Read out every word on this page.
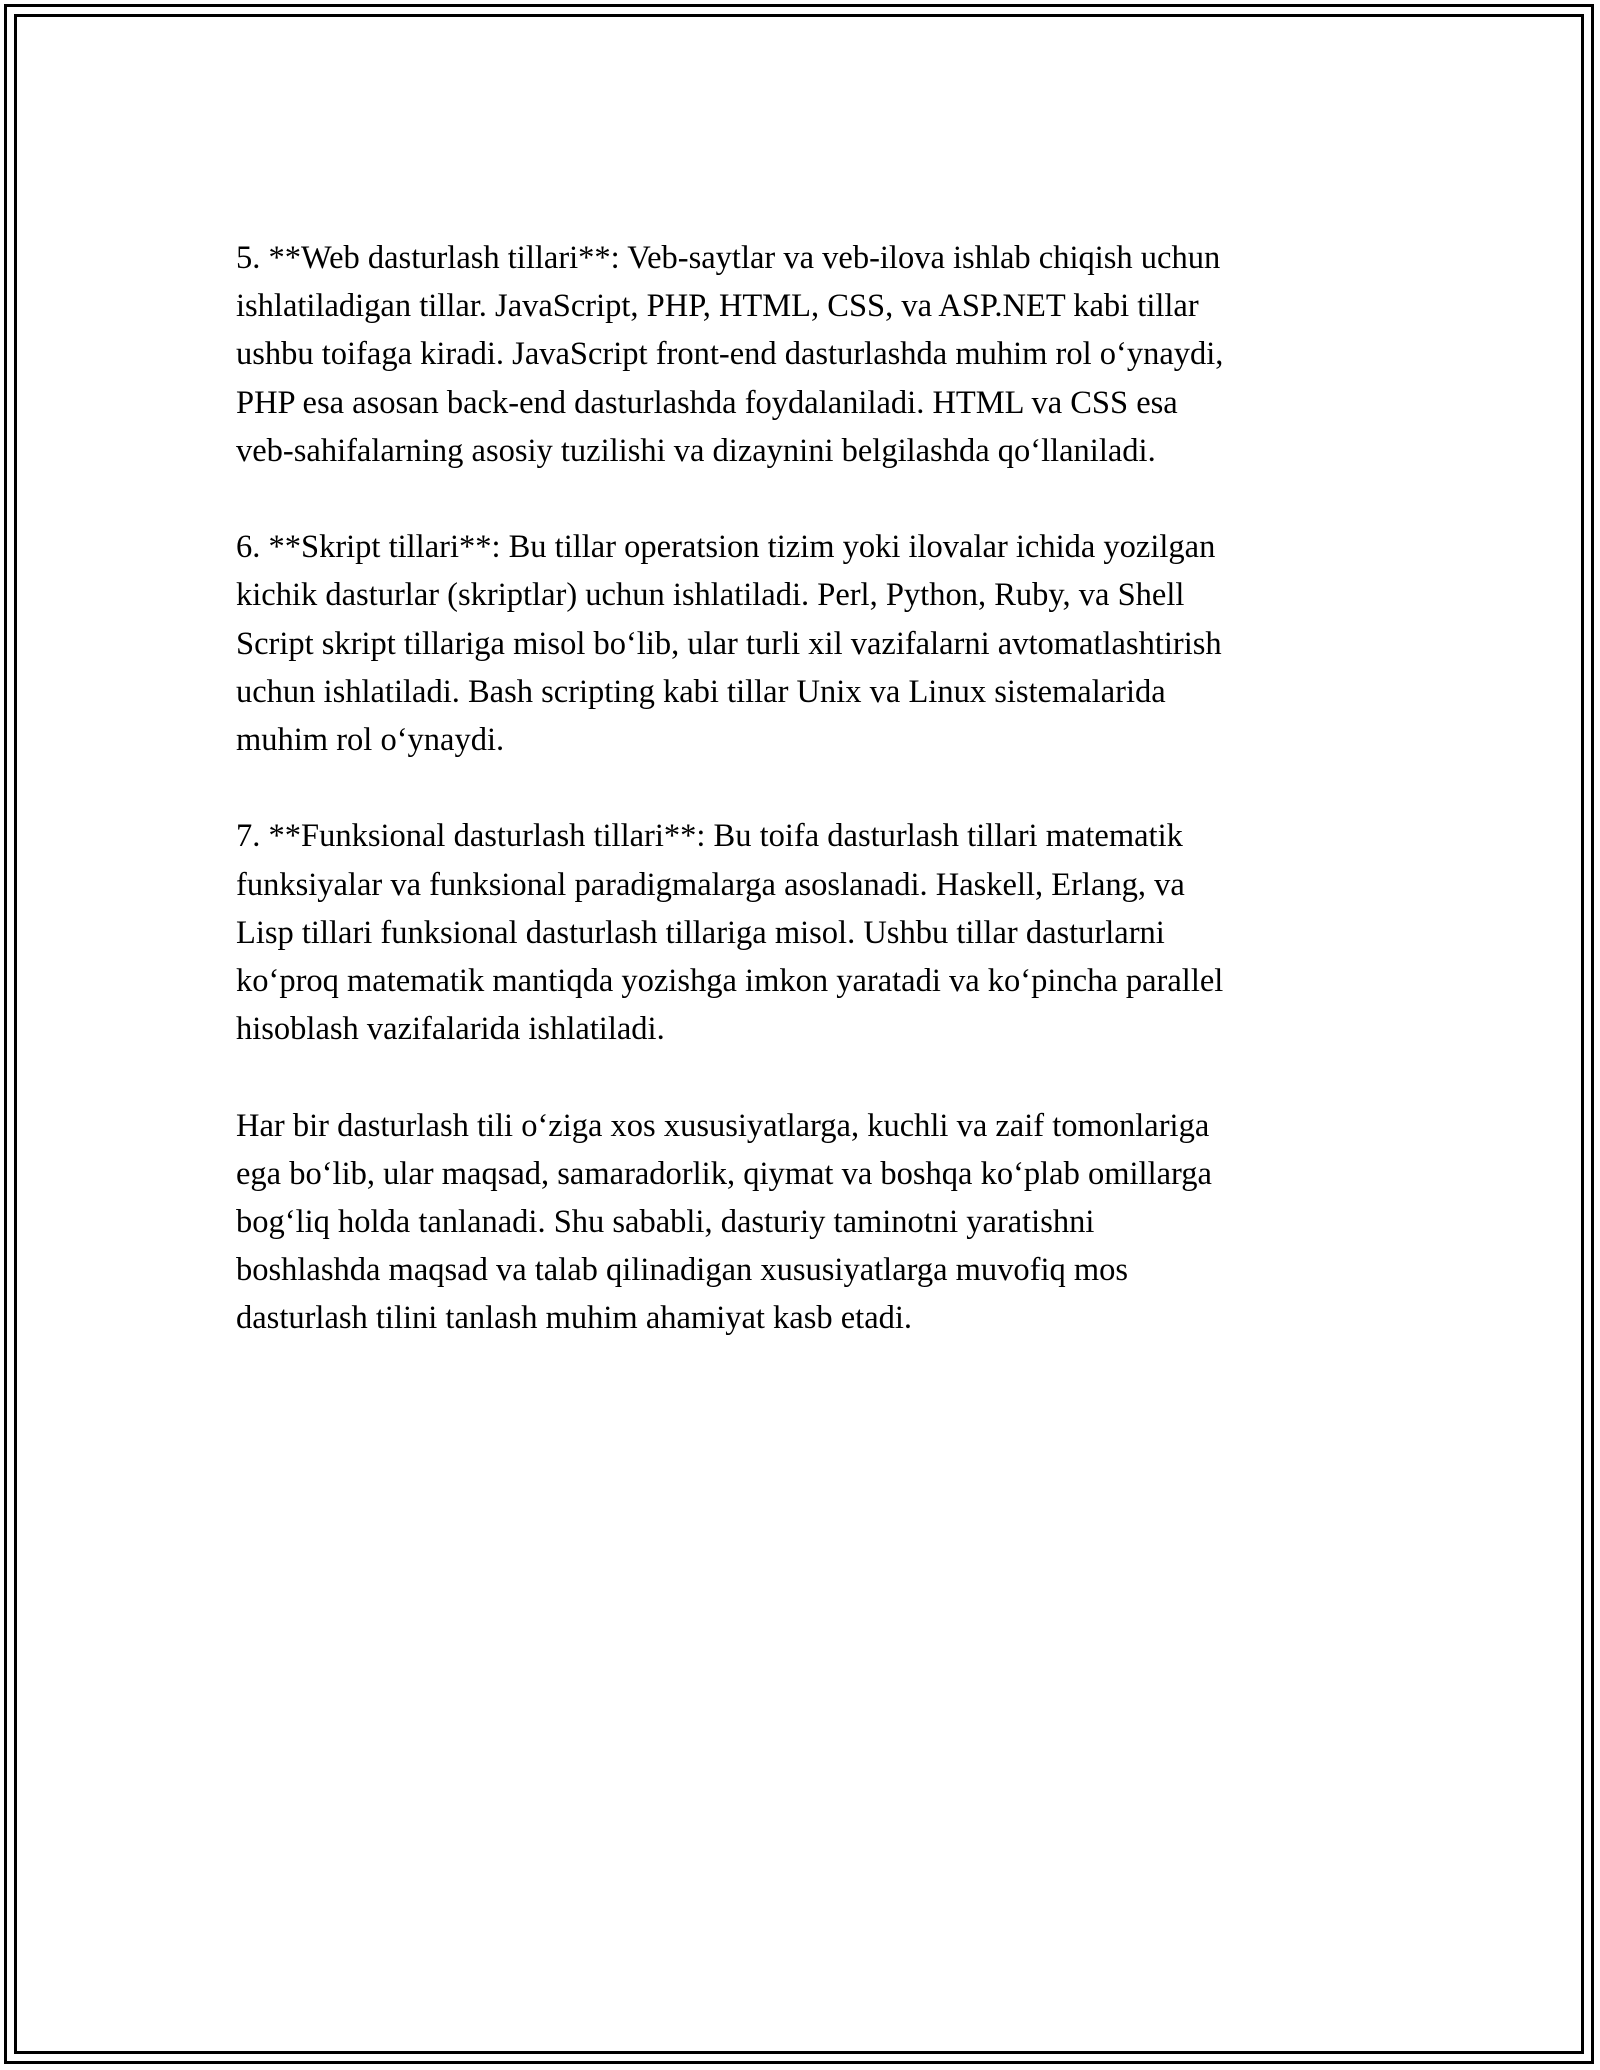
5. **Web dasturlash tillari**: Veb-saytlar va veb-ilova ishlab chiqish uchun
ishlatiladigan tillar. JavaScript, PHP, HTML, CSS, va ASP.NET kabi tillar
ushbu toifaga kiradi. JavaScript front-end dasturlashda muhim rol o‘ynaydi,
PHP esa asosan back-end dasturlashda foydalaniladi. HTML va CSS esa
veb-sahifalarning asosiy tuzilishi va dizaynini belgilashda qo‘llaniladi.

6. **Skript tillari**: Bu tillar operatsion tizim yoki ilovalar ichida yozilgan
kichik dasturlar (skriptlar) uchun ishlatiladi. Perl, Python, Ruby, va Shell
Script skript tillariga misol bo‘lib, ular turli xil vazifalarni avtomatlashtirish
uchun ishlatiladi. Bash scripting kabi tillar Unix va Linux sistemalarida
muhim rol o‘ynaydi.

7. **Funksional dasturlash tillari**: Bu toifa dasturlash tillari matematik
funksiyalar va funksional paradigmalarga asoslanadi. Haskell, Erlang, va
Lisp tillari funksional dasturlash tillariga misol. Ushbu tillar dasturlarni
ko‘proq matematik mantiqda yozishga imkon yaratadi va ko‘pincha parallel
hisoblash vazifalarida ishlatiladi.

Har bir dasturlash tili o‘ziga xos xususiyatlarga, kuchli va zaif tomonlariga
ega bo‘lib, ular maqsad, samaradorlik, qiymat va boshqa ko‘plab omillarga
bog‘liq holda tanlanadi. Shu sababli, dasturiy taminotni yaratishni
boshlashda maqsad va talab qilinadigan xususiyatlarga muvofiq mos
dasturlash tilini tanlash muhim ahamiyat kasb etadi.
